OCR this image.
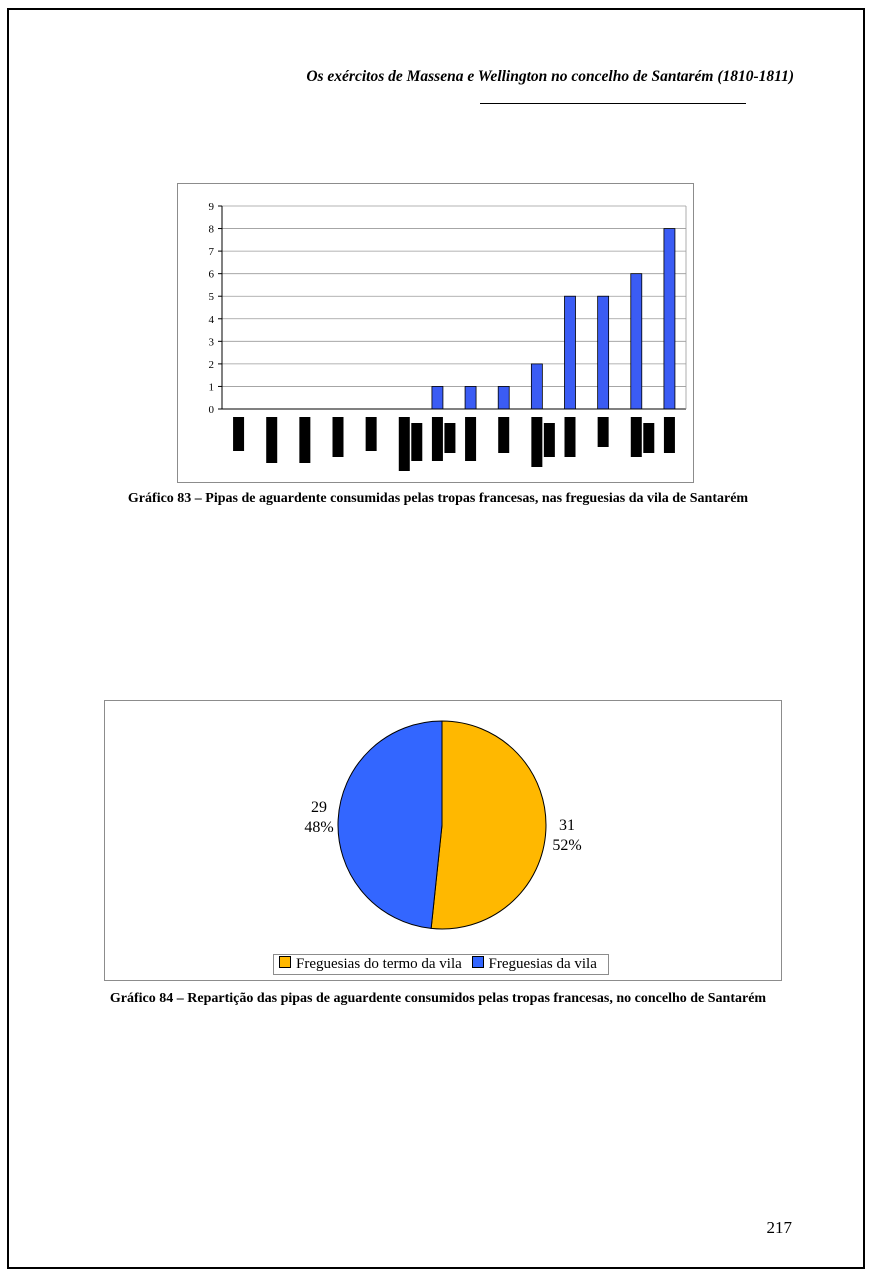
Os exércitos de Massena e Wellington no concelho de Santarém (1810-1811)
0
1
2
3
4
5
6
7
8
9
Gráfico 83 – Pipas de aguardente consumidas pelas tropas francesas, nas freguesias da vila de Santarém
29
48%	31
52%
Freguesias do termo da vila Freguesias da vila
Gráfico 84 – Repartição das pipas de aguardente consumidos pelas tropas francesas, no concelho de Santarém
217
